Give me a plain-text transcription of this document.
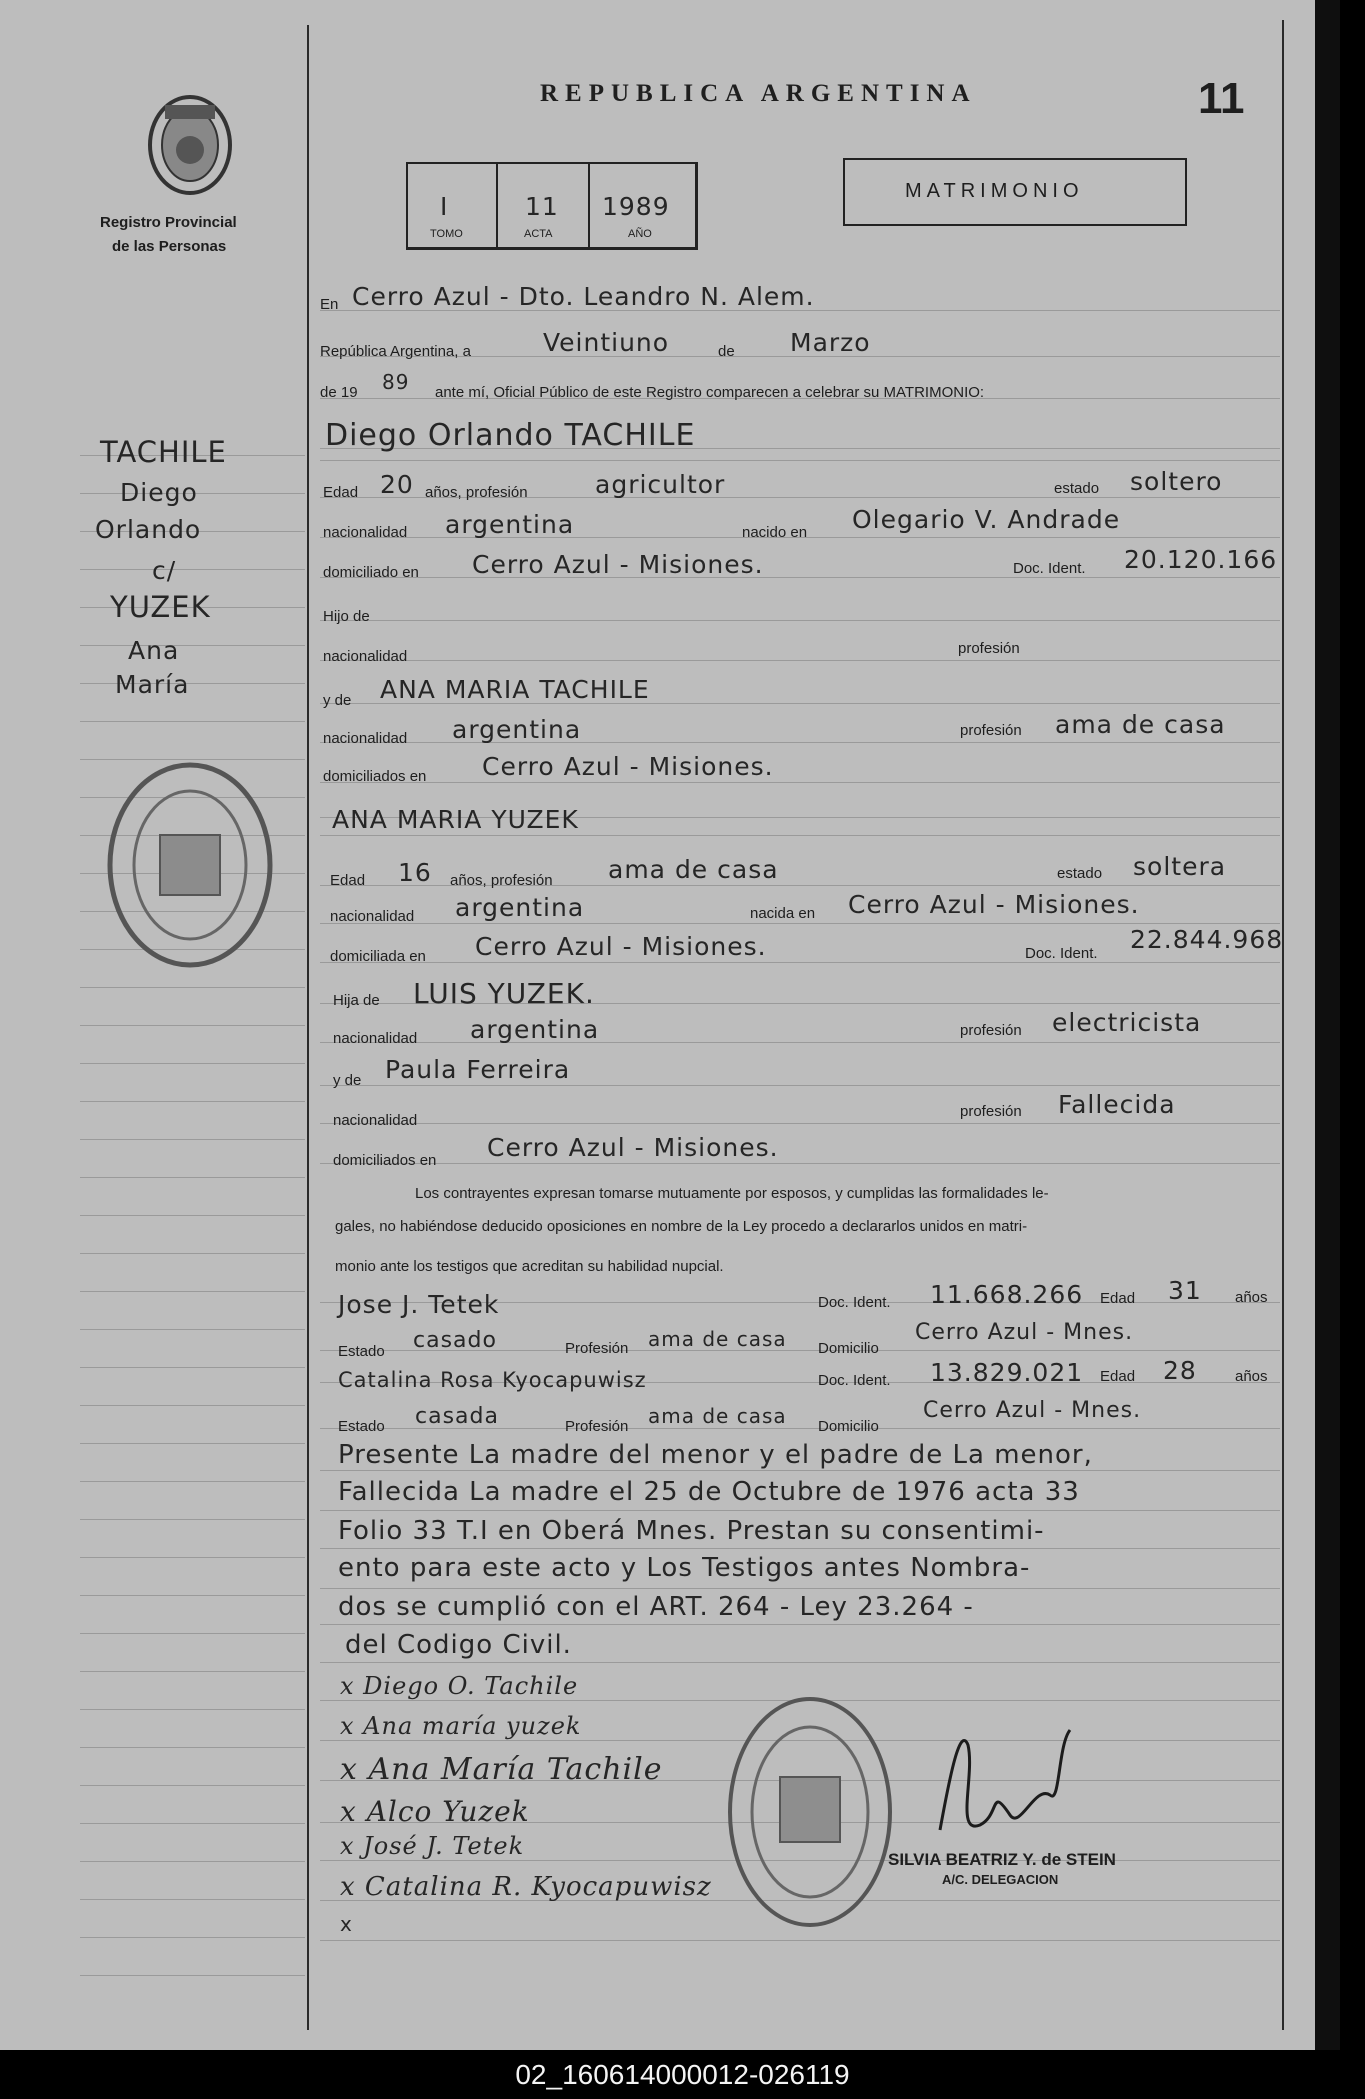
Registro Provincial
de las Personas
REPUBLICA ARGENTINA	11
I	11 1989
TOMO	ACTA	AÑO
MATRIMONIO
En Cerro Azul - Dto. Leandro N. Alem.
República Argentina, a	Veintiuno	de Marzo
de 19 89 ante mí, Oficial Público de este Registro comparecen a celebrar su MATRIMONIO:
TACHILE
Diego
Orlando
c/
YUZEK
Ana
María
Diego Orlando TACHILE
Edad 20 años, profesión	agricultor	estado soltero
nacionalidad argentina	nacido en Olegario V. Andrade
domiciliado en Cerro Azul - Misiones.	Doc. Ident. 20.120.166
Hijo de
nacionalidad	profesión
y de ANA MARIA TACHILE
nacionalidad argentina	profesión ama de casa
domiciliados en Cerro Azul - Misiones.
ANA MARIA YUZEK
Edad 16 años, profesión ama de casa	estado soltera
nacionalidad argentina	nacida en Cerro Azul - Misiones.
domiciliada en Cerro Azul - Misiones.	Doc. Ident. 22.844.968
Hija de LUIS YUZEK.
nacionalidad argentina	profesión electricista
y de Paula Ferreira
nacionalidad
profesión Fallecida
domiciliados en Cerro Azul - Misiones.
Los contrayentes expresan tomarse mutuamente por esposos, y cumplidas las formalidades le-
gales, no habiéndose deducido oposiciones en nombre de la Ley procedo a declararlos unidos en matri-
monio ante los testigos que acreditan su habilidad nupcial.
Jose J. Tetek	Doc. Ident. 11.668.266 Edad 31 años
Estado casado	Profesión ama de casa Domicilio
Cerro Azul - Mnes.
Catalina Rosa Kyocapuwisz	Doc. Ident. 13.829.021 Edad 28	años
Estado casada	Profesión ama de casa Domicilio
Cerro Azul - Mnes.
Presente La madre del menor y el padre de La menor,
Fallecida La madre el 25 de Octubre de 1976 acta 33
Folio 33 T.I en Oberá Mnes. Prestan su consentimi-
ento para este acto y Los Testigos antes Nombra-
dos se cumplió con el ART. 264 - Ley 23.264 -
del Codigo Civil.
x Diego O. Tachile
x Ana maría yuzek
x Ana María Tachile
x Alco Yuzek
x José J. Tetek
x Catalina R. Kyocapuwisz
x
SILVIA BEATRIZ Y. de STEIN
A/C. DELEGACION
02_160614000012-026119
